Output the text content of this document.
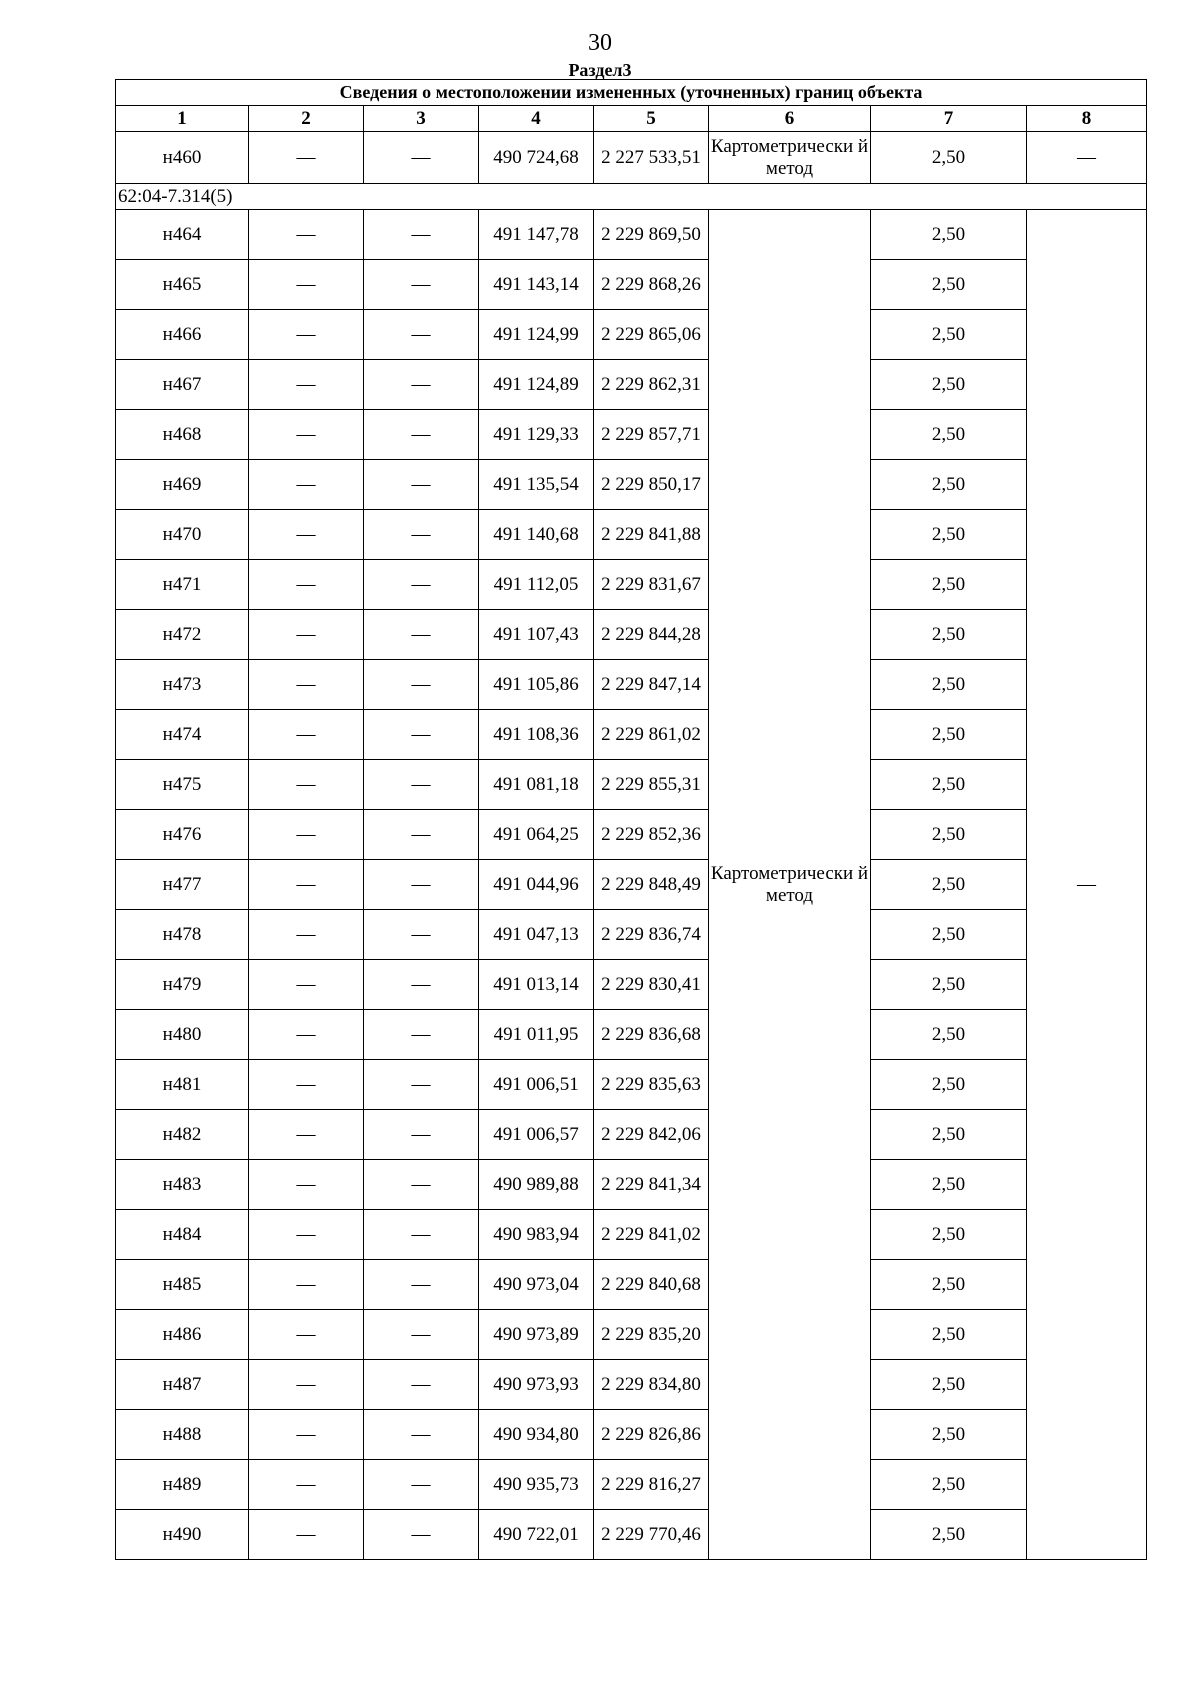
30
Раздел3
Сведения о местоположении измененных (уточненных) границ объекта							
1	2	3	4	5	6	7	8
н460	—	—	490 724,68	2 227 533,51	Картометрически й метод	2,50	—
62:04-7.314(5)							
н464	—	—	491 147,78	2 229 869,50	Картометрически й метод	2,50	—
н465	—	—	491 143,14	2 229 868,26		2,50	
н466	—	—	491 124,99	2 229 865,06		2,50	
н467	—	—	491 124,89	2 229 862,31		2,50	
н468	—	—	491 129,33	2 229 857,71		2,50	
н469	—	—	491 135,54	2 229 850,17		2,50	
н470	—	—	491 140,68	2 229 841,88		2,50	
н471	—	—	491 112,05	2 229 831,67		2,50	
н472	—	—	491 107,43	2 229 844,28		2,50	
н473	—	—	491 105,86	2 229 847,14		2,50	
н474	—	—	491 108,36	2 229 861,02		2,50	
н475	—	—	491 081,18	2 229 855,31		2,50	
н476	—	—	491 064,25	2 229 852,36		2,50	
н477	—	—	491 044,96	2 229 848,49		2,50	
н478	—	—	491 047,13	2 229 836,74		2,50	
н479	—	—	491 013,14	2 229 830,41		2,50	
н480	—	—	491 011,95	2 229 836,68		2,50	
н481	—	—	491 006,51	2 229 835,63		2,50	
н482	—	—	491 006,57	2 229 842,06		2,50	
н483	—	—	490 989,88	2 229 841,34		2,50	
н484	—	—	490 983,94	2 229 841,02		2,50	
н485	—	—	490 973,04	2 229 840,68		2,50	
н486	—	—	490 973,89	2 229 835,20		2,50	
н487	—	—	490 973,93	2 229 834,80		2,50	
н488	—	—	490 934,80	2 229 826,86		2,50	
н489	—	—	490 935,73	2 229 816,27		2,50	
н490	—	—	490 722,01	2 229 770,46		2,50	
